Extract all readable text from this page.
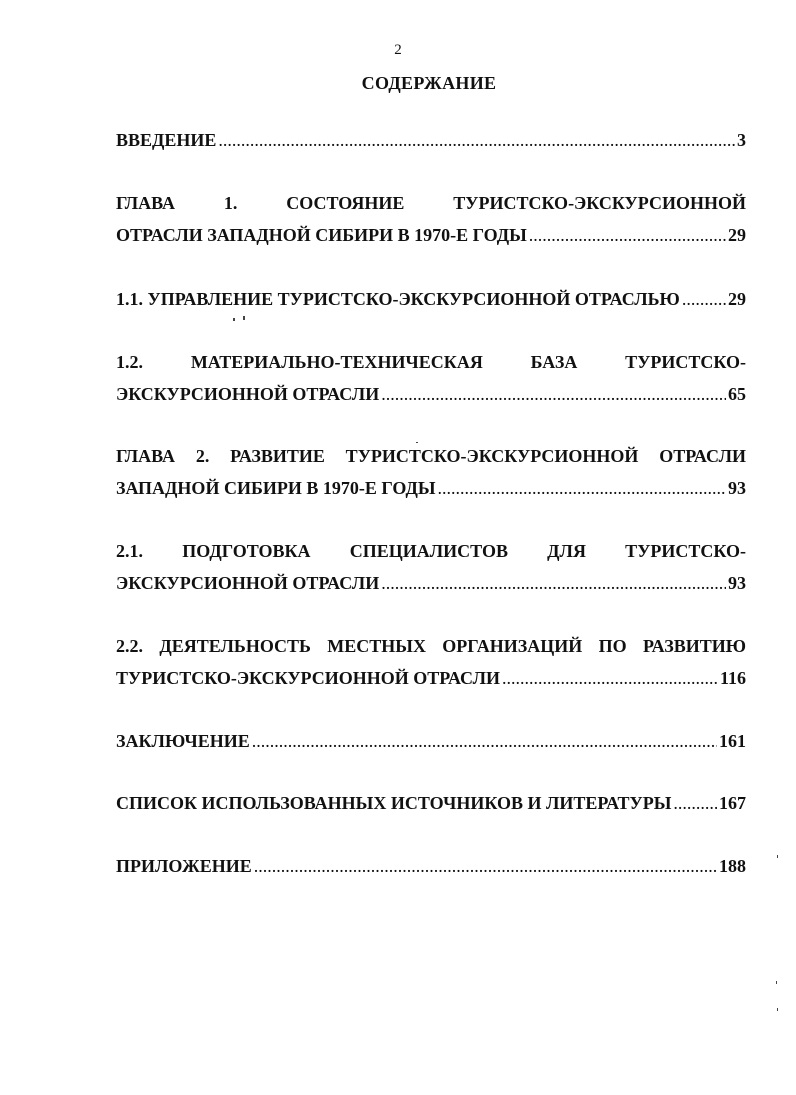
2
СОДЕРЖАНИЕ
ВВЕДЕНИЕ .....	3
ГЛАВА 1. СОСТОЯНИЕ ТУРИСТСКО-ЭКСКУРСИОННОЙ
ОТРАСЛИ ЗАПАДНОЙ СИБИРИ В 1970-Е ГОДЫ .....	29
1.1. УПРАВЛЕНИЕ ТУРИСТСКО-ЭКСКУРСИОННОЙ ОТРАСЛЬЮ .....	29
1.2. МАТЕРИАЛЬНО-ТЕХНИЧЕСКАЯ БАЗА ТУРИСТСКО-
ЭКСКУРСИОННОЙ ОТРАСЛИ .....	65
ГЛАВА 2. РАЗВИТИЕ ТУРИСТСКО-ЭКСКУРСИОННОЙ ОТРАСЛИ
ЗАПАДНОЙ СИБИРИ В 1970-Е ГОДЫ .....	93
2.1. ПОДГОТОВКА СПЕЦИАЛИСТОВ ДЛЯ ТУРИСТСКО-
ЭКСКУРСИОННОЙ ОТРАСЛИ .....	93
2.2. ДЕЯТЕЛЬНОСТЬ МЕСТНЫХ ОРГАНИЗАЦИЙ ПО РАЗВИТИЮ
ТУРИСТСКО-ЭКСКУРСИОННОЙ ОТРАСЛИ .....	116
ЗАКЛЮЧЕНИЕ .....	161
СПИСОК ИСПОЛЬЗОВАННЫХ ИСТОЧНИКОВ И ЛИТЕРАТУРЫ .....	167
ПРИЛОЖЕНИЕ .....	188
